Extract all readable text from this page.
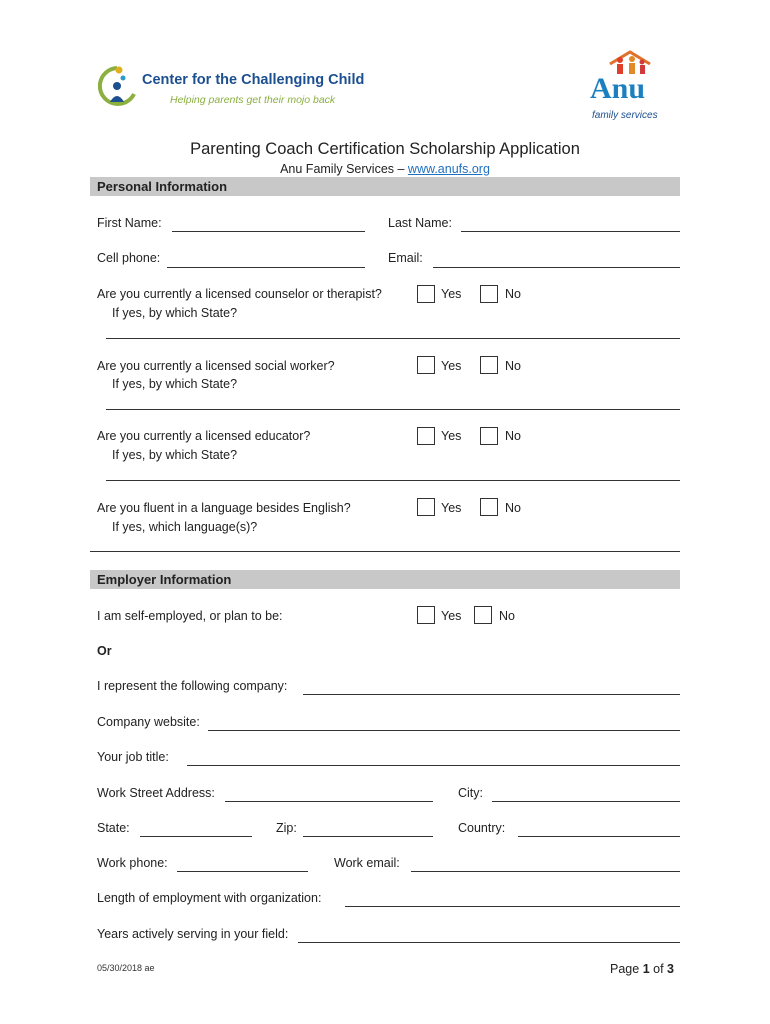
Center for the Challenging Child
Helping parents get their mojo back	Anu
family services
Parenting Coach Certification Scholarship Application
Anu Family Services – www.anufs.org
Personal Information
First Name:	Last Name:
Cell phone:	Email:
Are you currently a licensed counselor or therapist?
If yes, by which State?
Yes	No
Are you currently a licensed social worker?
If yes, by which State?
Yes	No
Are you currently a licensed educator?
If yes, by which State?
Yes	No
Are you fluent in a language besides English?
If yes, which language(s)?
Yes	No
Employer Information
I am self-employed, or plan to be:	Yes	No
Or
I represent the following company:
Company website:
Your job title:
Work Street Address:	City:
State:	Zip:	Country:
Work phone:	Work email:
Length of employment with organization:
Years actively serving in your field:
05/30/2018 ae	Page 1 of 3
